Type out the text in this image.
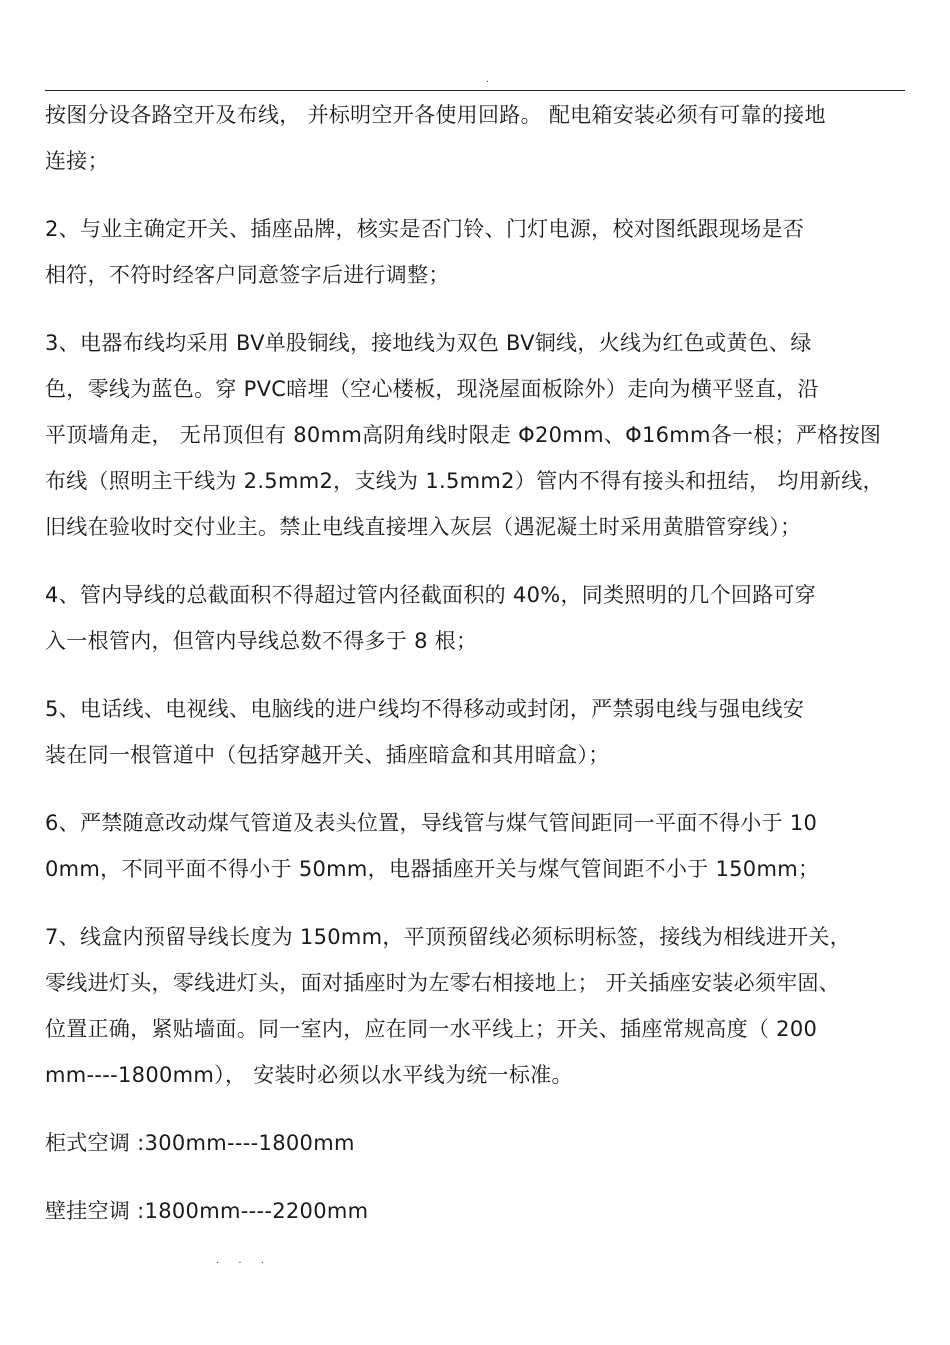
.
按图分设各路空开及布线， 并标明空开各使用回路。 配电箱安装必须有可靠的接地
连接；
2、与业主确定开关、插座品牌，核实是否门铃、门灯电源，校对图纸跟现场是否
相符，不符时经客户同意签字后进行调整；
3、电器布线均采用 BV单股铜线，接地线为双色 BV铜线，火线为红色或黄色、绿
色，零线为蓝色。穿 PVC暗埋（空心楼板，现浇屋面板除外）走向为横平竖直，沿
平顶墙角走， 无吊顶但有 80mm高阴角线时限走 Φ20mm、Φ16mm各一根；严格按图
布线（照明主干线为 2.5mm2，支线为 1.5mm2）管内不得有接头和扭结， 均用新线，
旧线在验收时交付业主。禁止电线直接埋入灰层（遇泥凝土时采用黄腊管穿线）；
4、管内导线的总截面积不得超过管内径截面积的 40%，同类照明的几个回路可穿
入一根管内，但管内导线总数不得多于 8 根；
5、电话线、电视线、电脑线的进户线均不得移动或封闭，严禁弱电线与强电线安
装在同一根管道中（包括穿越开关、插座暗盒和其用暗盒）；
6、严禁随意改动煤气管道及表头位置，导线管与煤气管间距同一平面不得小于 10
0mm，不同平面不得小于 50mm，电器插座开关与煤气管间距不小于 150mm；
7、线盒内预留导线长度为 150mm，平顶预留线必须标明标签，接线为相线进开关，
零线进灯头，零线进灯头，面对插座时为左零右相接地上； 开关插座安装必须牢固、
位置正确，紧贴墙面。同一室内，应在同一水平线上；开关、插座常规高度（ 200
mm----1800mm）， 安装时必须以水平线为统一标准。
柜式空调 :300mm----1800mm
壁挂空调 :1800mm----2200mm
. . .
